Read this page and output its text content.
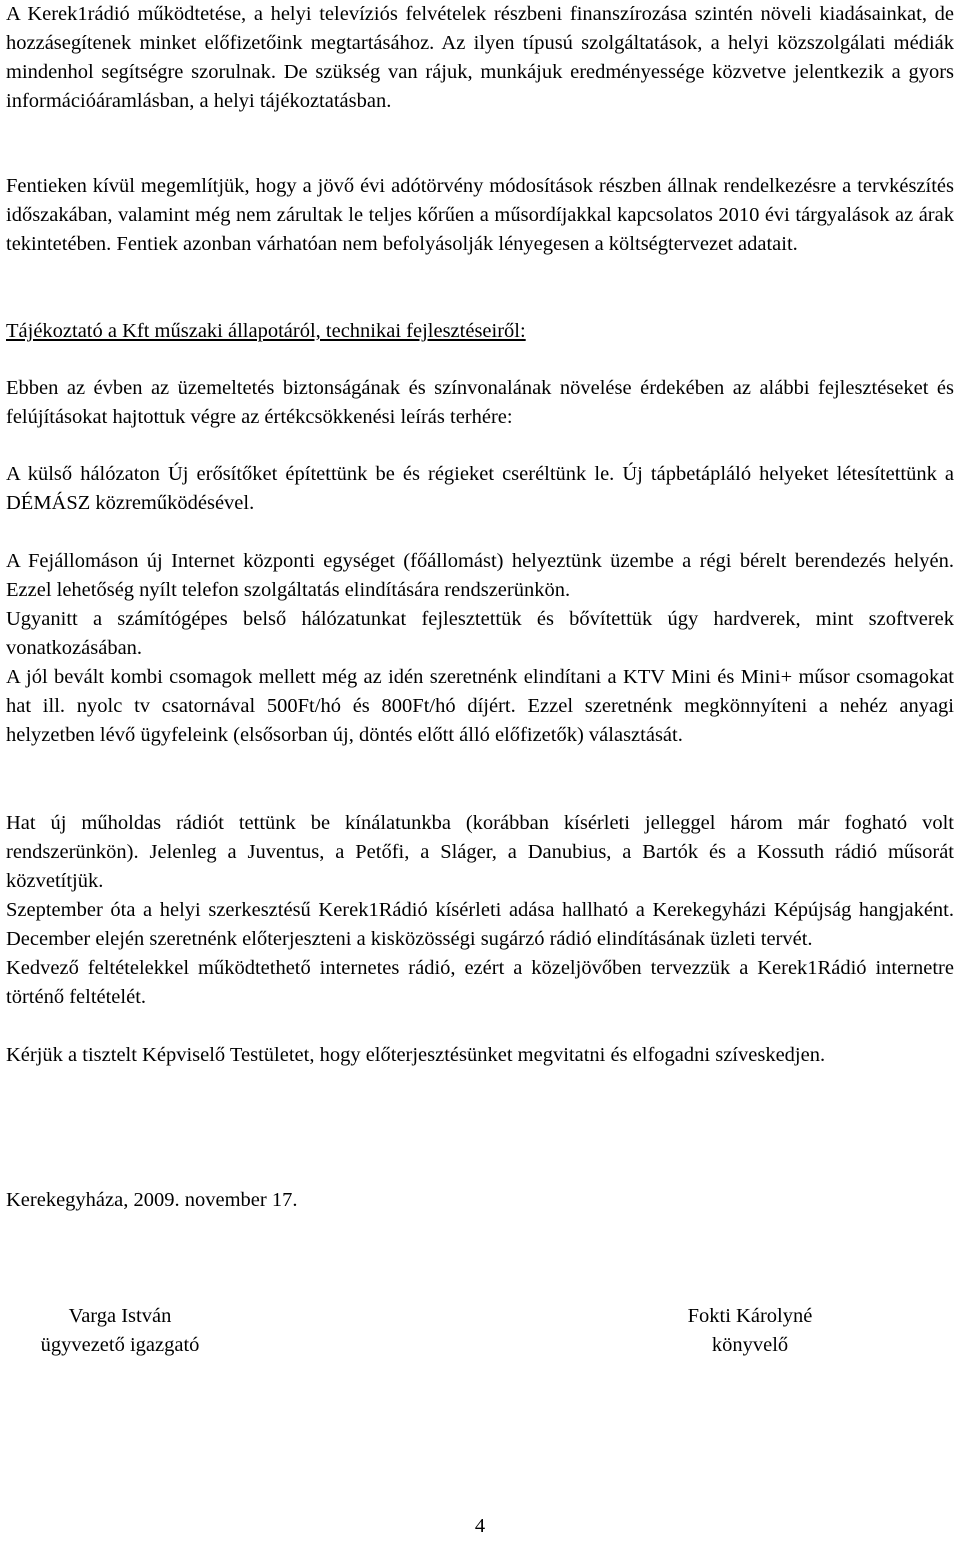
A Kerek1rádió működtetése, a helyi televíziós felvételek részbeni finanszírozása szintén növeli kiadásainkat, de hozzásegítenek minket előfizetőink megtartásához. Az ilyen típusú szolgáltatások, a helyi közszolgálati médiák mindenhol segítségre szorulnak. De szükség van rájuk, munkájuk eredményessége közvetve jelentkezik a gyors információáramlásban, a helyi tájékoztatásban.

Fentieken kívül megemlítjük, hogy a jövő évi adótörvény módosítások részben állnak rendelkezésre a tervkészítés időszakában, valamint még nem zárultak le teljes kőrűen a műsordíjakkal kapcsolatos 2010 évi tárgyalások az árak tekintetében. Fentiek azonban várhatóan nem befolyásolják lényegesen a költségtervezet adatait.

Tájékoztató a Kft műszaki állapotáról, technikai fejlesztéseiről:

Ebben az évben az üzemeltetés biztonságának és színvonalának növelése érdekében az alábbi fejlesztéseket és felújításokat hajtottuk végre az értékcsökkenési leírás terhére:

A külső hálózaton Új erősítőket építettünk be és régieket cseréltünk le. Új tápbetápláló helyeket létesítettünk a DÉMÁSZ közreműködésével.

A Fejállomáson új Internet központi egységet (főállomást) helyeztünk üzembe a régi bérelt berendezés helyén. Ezzel lehetőség nyílt telefon szolgáltatás elindítására rendszerünkön.

Ugyanitt a számítógépes belső hálózatunkat fejlesztettük és bővítettük úgy hardverek, mint szoftverek vonatkozásában.

A jól bevált kombi csomagok mellett még az idén szeretnénk elindítani a KTV Mini és Mini+ műsor csomagokat hat ill. nyolc tv csatornával 500Ft/hó és 800Ft/hó díjért. Ezzel szeretnénk megkönnyíteni a nehéz anyagi helyzetben lévő ügyfeleink (elsősorban új, döntés előtt álló előfizetők) választását.

Hat új műholdas rádiót tettünk be kínálatunkba (korábban kísérleti jelleggel három már fogható volt rendszerünkön). Jelenleg a Juventus, a Petőfi, a Sláger, a Danubius, a Bartók és a Kossuth rádió műsorát közvetítjük.

Szeptember óta a helyi szerkesztésű Kerek1Rádió kísérleti adása hallható a Kerekegyházi Képújság hangjaként. December elején szeretnénk előterjeszteni a kisközösségi sugárzó rádió elindításának üzleti tervét.

Kedvező feltételekkel működtethető internetes rádió, ezért a közeljövőben tervezzük a Kerek1Rádió internetre történő feltételét.

Kérjük a tisztelt Képviselő Testületet, hogy előterjesztésünket megvitatni és elfogadni szíveskedjen.

Kerekegyháza, 2009. november 17.
Varga István
ügyvezető igazgató
Fokti Károlyné
könyvelő
4
